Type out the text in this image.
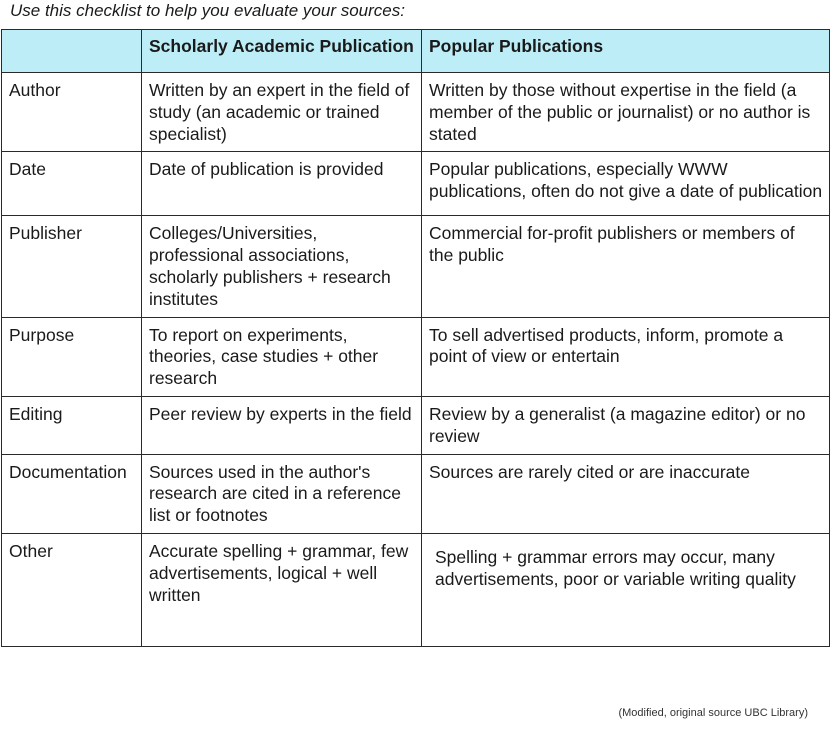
Use this checklist to help you evaluate your sources:
	Scholarly Academic Publication	Popular Publications
Author	Written by an expert in the field of study (an academic or trained specialist)	Written by those without expertise in the field (a member of the public or journalist) or no author is stated
Date	Date of publication is provided	Popular publications, especially WWW publications, often do not give a date of publication
Publisher	Colleges/Universities, professional associations, scholarly publishers + research institutes	Commercial for-profit publishers or members of the public
Purpose	To report on experiments, theories, case studies + other research	To sell advertised products, inform, promote a point of view or entertain
Editing	Peer review by experts in the field	Review by a generalist (a magazine editor) or no review
Documentation	Sources used in the author's research are cited in a reference list or footnotes	Sources are rarely cited or are inaccurate
Other	Accurate spelling + grammar, few advertisements, logical + well written	Spelling + grammar errors may occur, many advertisements, poor or variable writing quality
(Modified, original source UBC Library)
